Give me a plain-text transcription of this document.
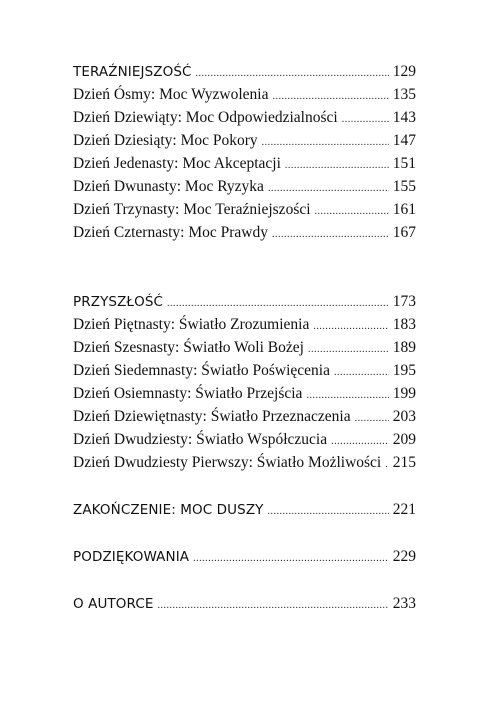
TERAŹNIEJSZOŚĆ .....	129
Dzień Ósmy: Moc Wyzwolenia .....	135
Dzień Dziewiąty: Moc Odpowiedzialności .....	143
Dzień Dziesiąty: Moc Pokory .....	147
Dzień Jedenasty: Moc Akceptacji .....	151
Dzień Dwunasty: Moc Ryzyka .....	155
Dzień Trzynasty: Moc Teraźniejszości .....	161
Dzień Czternasty: Moc Prawdy .....	167
PRZYSZŁOŚĆ .....	173
Dzień Piętnasty: Światło Zrozumienia .....	183
Dzień Szesnasty: Światło Woli Bożej .....	189
Dzień Siedemnasty: Światło Poświęcenia .....	195
Dzień Osiemnasty: Światło Przejścia .....	199
Dzień Dziewiętnasty: Światło Przeznaczenia .....	203
Dzień Dwudziesty: Światło Współczucia .....	209
Dzień Dwudziesty Pierwszy: Światło Możliwości ..... 215
ZAKOŃCZENIE: MOC DUSZY .....	221
PODZIĘKOWANIA .....	229
O AUTORCE .....	233
